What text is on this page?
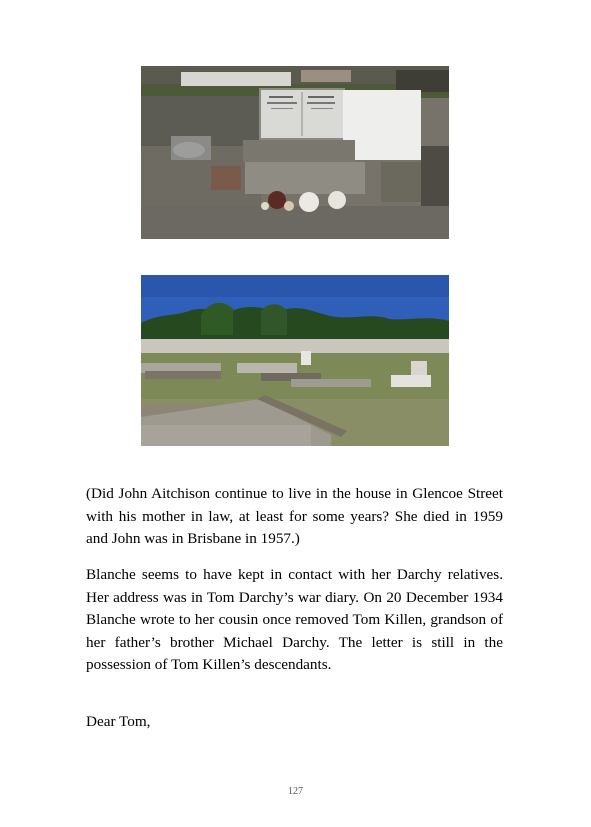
(Did John Aitchison continue to live in the house in Glencoe Street with his mother in law, at least for some years? She died in 1959 and John was in Brisbane in 1957.)

Blanche seems to have kept in contact with her Darchy relatives. Her address was in Tom Darchy’s war diary. On 20 December 1934 Blanche wrote to her cousin once removed Tom Killen, grandson of her father’s brother Michael Darchy. The letter is still in the possession of Tom Killen’s descendants.

Dear Tom,

127
